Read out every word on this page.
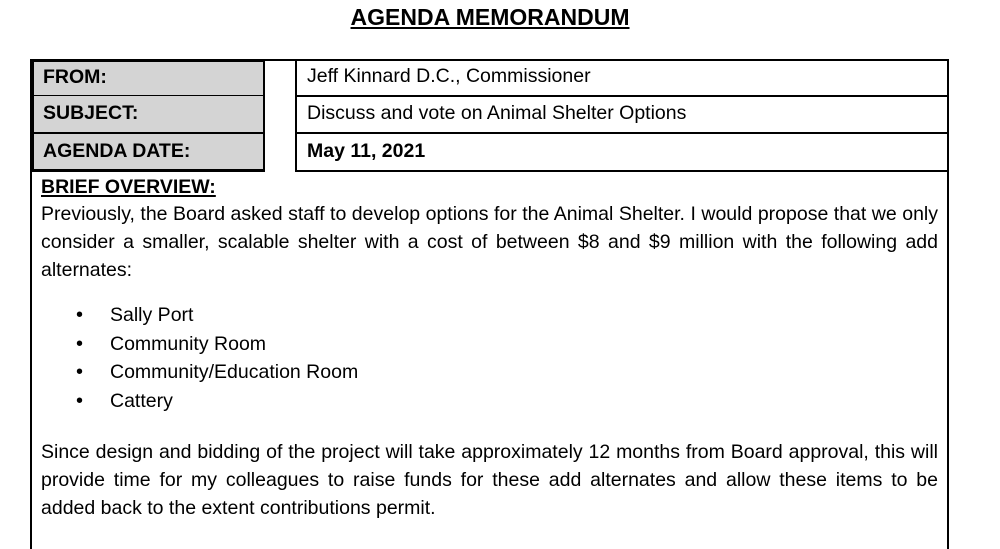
AGENDA MEMORANDUM
FROM:	Jeff Kinnard D.C., Commissioner
SUBJECT:	Discuss and vote on Animal Shelter Options
AGENDA DATE:	May 11, 2021
BRIEF OVERVIEW:

Previously, the Board asked staff to develop options for the Animal Shelter. I would propose that we only consider a smaller, scalable shelter with a cost of between $8 and $9 million with the following add alternates:

• Sally Port
• Community Room
• Community/Education Room
• Cattery

Since design and bidding of the project will take approximately 12 months from Board approval, this will provide time for my colleagues to raise funds for these add alternates and allow these items to be added back to the extent contributions permit.
